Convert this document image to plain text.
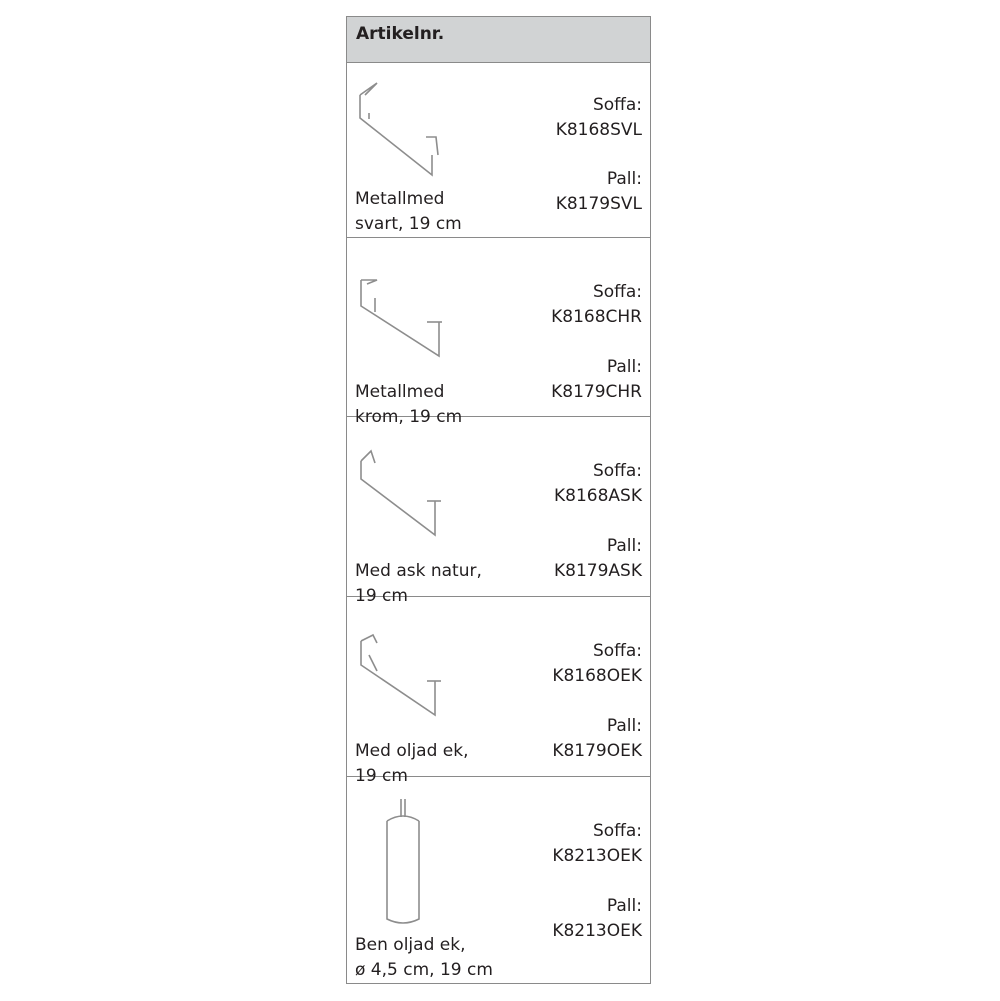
Artikelnr.
Metallmed
svart, 19 cm
Soffa:
K8168SVL
Pall:
K8179SVL
Metallmed
krom, 19 cm
Soffa:
K8168CHR
Pall:
K8179CHR
Med ask natur,
19 cm
Soffa:
K8168ASK
Pall:
K8179ASK
Med oljad ek,
19 cm
Soffa:
K8168OEK
Pall:
K8179OEK
Ben oljad ek,
ø 4,5 cm, 19 cm
Soffa:
K8213OEK
Pall:
K8213OEK
